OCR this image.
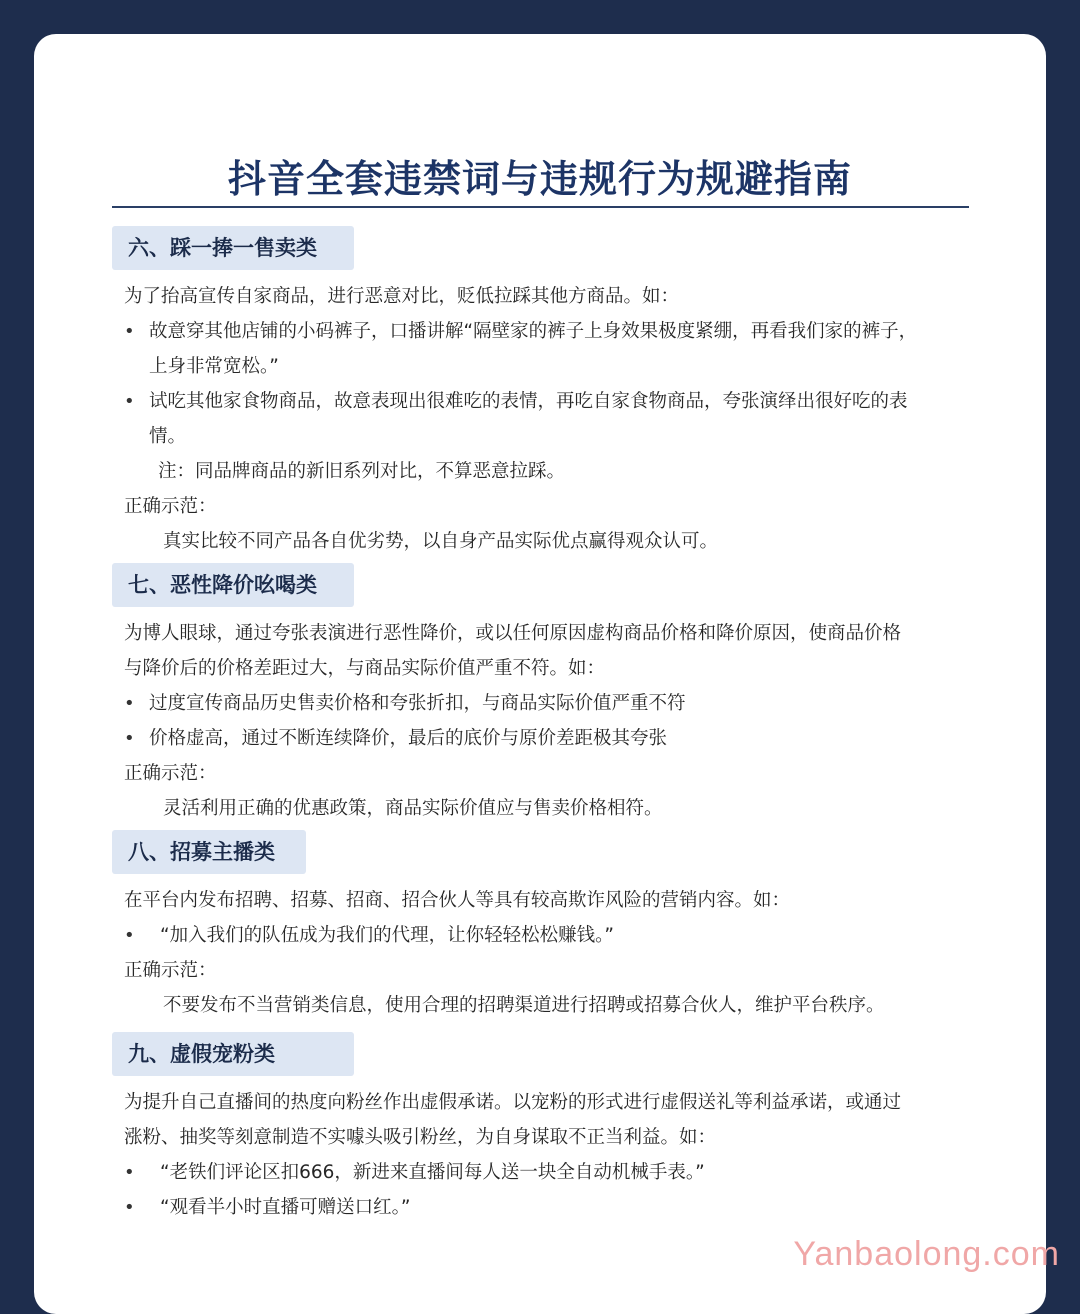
抖音全套违禁词与违规行为规避指南
六、踩一捧一售卖类
为了抬高宣传自家商品，进行恶意对比，贬低拉踩其他方商品。如：
• 故意穿其他店铺的小码裤子，口播讲解“隔壁家的裤子上身效果极度紧绷，再看我们家的裤子，
上身非常宽松。”
• 试吃其他家食物商品，故意表现出很难吃的表情，再吃自家食物商品，夸张演绎出很好吃的表
情。
注：同品牌商品的新旧系列对比，不算恶意拉踩。
正确示范：
真实比较不同产品各自优劣势，以自身产品实际优点赢得观众认可。
七、恶性降价吆喝类
为博人眼球，通过夸张表演进行恶性降价，或以任何原因虚构商品价格和降价原因，使商品价格
与降价后的价格差距过大，与商品实际价值严重不符。如：
• 过度宣传商品历史售卖价格和夸张折扣，与商品实际价值严重不符
• 价格虚高，通过不断连续降价，最后的底价与原价差距极其夸张
正确示范：
灵活利用正确的优惠政策，商品实际价值应与售卖价格相符。
八、招募主播类
在平台内发布招聘、招募、招商、招合伙人等具有较高欺诈风险的营销内容。如：
• “加入我们的队伍成为我们的代理，让你轻轻松松赚钱。”
正确示范：
不要发布不当营销类信息，使用合理的招聘渠道进行招聘或招募合伙人，维护平台秩序。
九、虚假宠粉类
为提升自己直播间的热度向粉丝作出虚假承诺。以宠粉的形式进行虚假送礼等利益承诺，或通过
涨粉、抽奖等刻意制造不实噱头吸引粉丝，为自身谋取不正当利益。如：
• “老铁们评论区扣666，新进来直播间每人送一块全自动机械手表。”
• “观看半小时直播可赠送口红。”
Yanbaolong.com
